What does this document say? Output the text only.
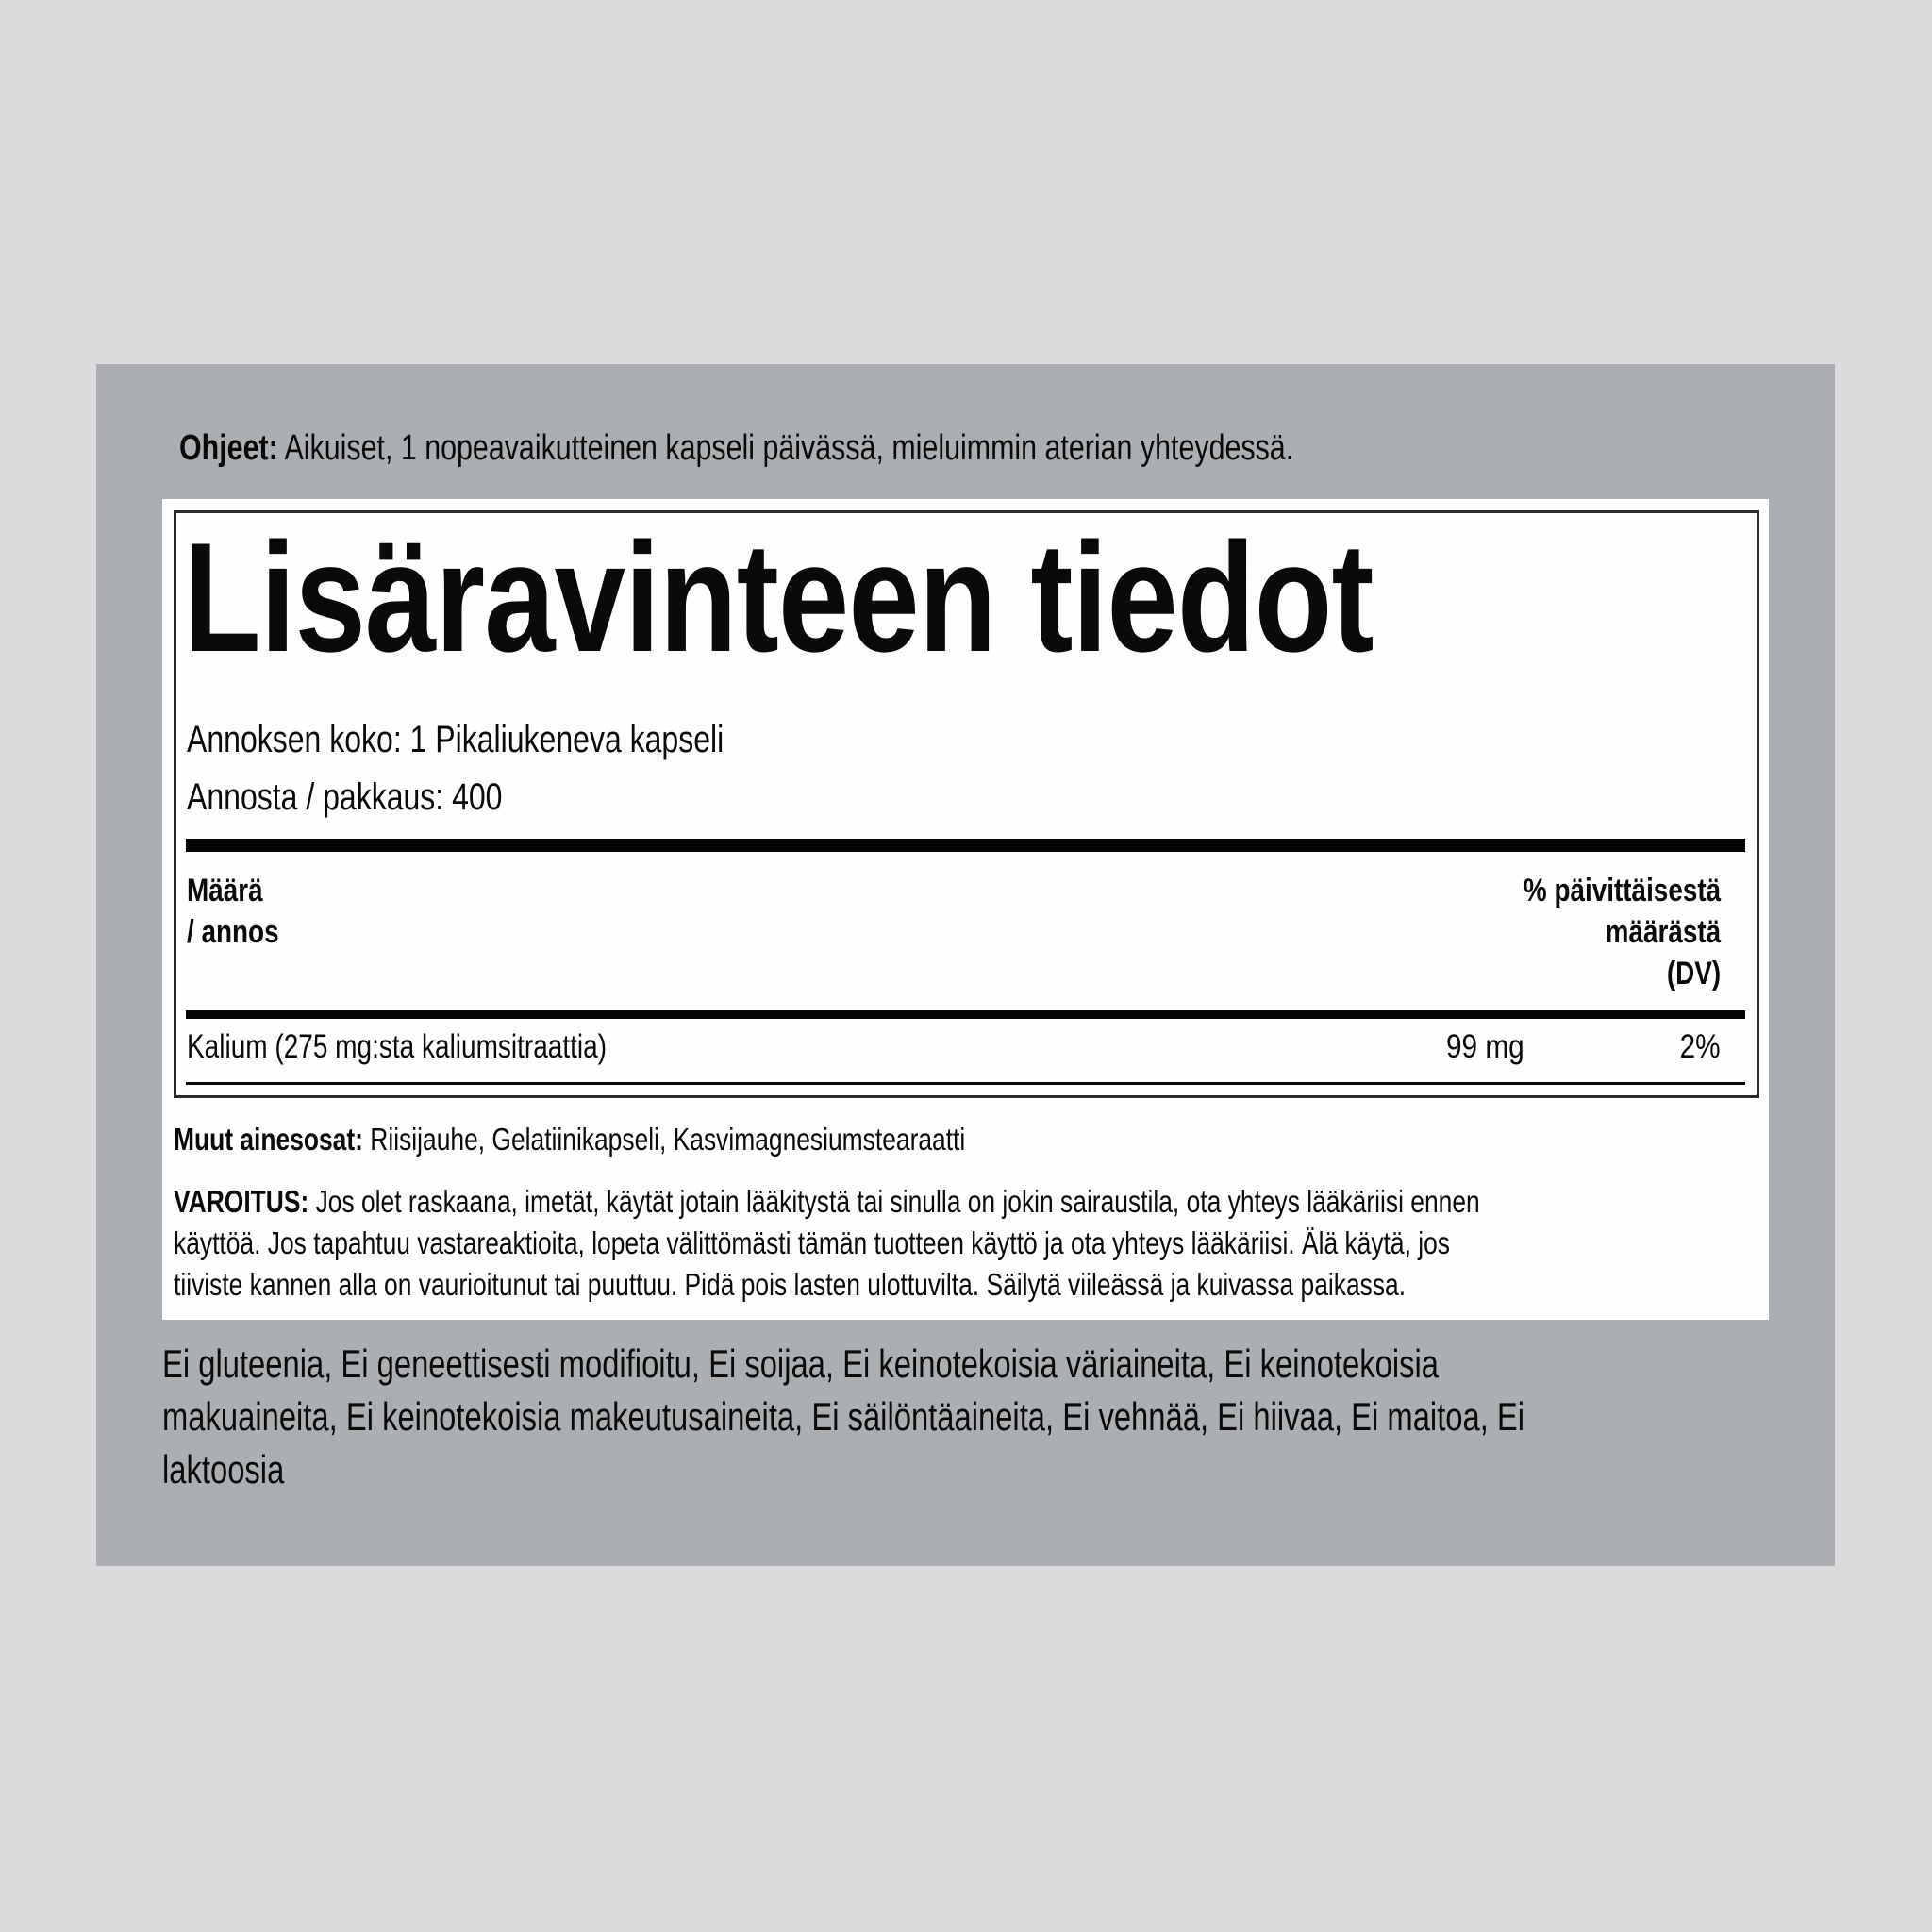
Ohjeet: Aikuiset, 1 nopeavaikutteinen kapseli päivässä, mieluimmin aterian yhteydessä.
Lisäravinteen tiedot
Annoksen koko: 1 Pikaliukeneva kapseli
Annosta / pakkaus: 400
Määrä
/ annos
% päivittäisestä
määrästä
(DV)
Kalium (275 mg:sta kaliumsitraattia)	99 mg	2%
Muut ainesosat: Riisijauhe, Gelatiinikapseli, Kasvimagnesiumstearaatti
VAROITUS: Jos olet raskaana, imetät, käytät jotain lääkitystä tai sinulla on jokin sairaustila, ota yhteys lääkäriisi ennen
käyttöä. Jos tapahtuu vastareaktioita, lopeta välittömästi tämän tuotteen käyttö ja ota yhteys lääkäriisi. Älä käytä, jos
tiiviste kannen alla on vaurioitunut tai puuttuu. Pidä pois lasten ulottuvilta. Säilytä viileässä ja kuivassa paikassa.
Ei gluteenia, Ei geneettisesti modifioitu, Ei soijaa, Ei keinotekoisia väriaineita, Ei keinotekoisia
makuaineita, Ei keinotekoisia makeutusaineita, Ei säilöntäaineita, Ei vehnää, Ei hiivaa, Ei maitoa, Ei
laktoosia
